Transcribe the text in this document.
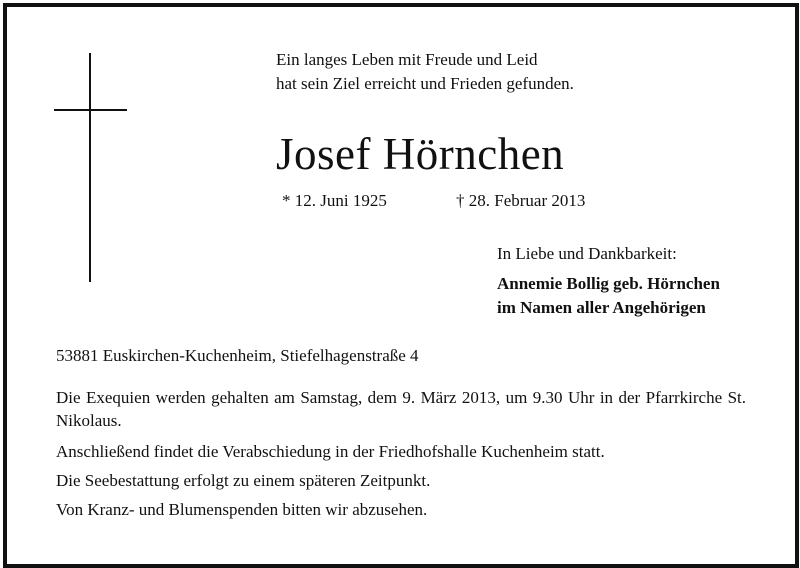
Ein langes Leben mit Freude und Leid
hat sein Ziel erreicht und Frieden gefunden.
Josef Hörnchen
* 12. Juni 1925	† 28. Februar 2013
In Liebe und Dankbarkeit:
Annemie Bollig geb. Hörnchen
im Namen aller Angehörigen
53881 Euskirchen-Kuchenheim, Stiefelhagenstraße 4
Die Exequien werden gehalten am Samstag, dem 9. März 2013, um 9.30 Uhr in der Pfarrkirche St. Nikolaus.
Anschließend findet die Verabschiedung in der Friedhofshalle Kuchenheim statt.
Die Seebestattung erfolgt zu einem späteren Zeitpunkt.
Von Kranz- und Blumenspenden bitten wir abzusehen.
